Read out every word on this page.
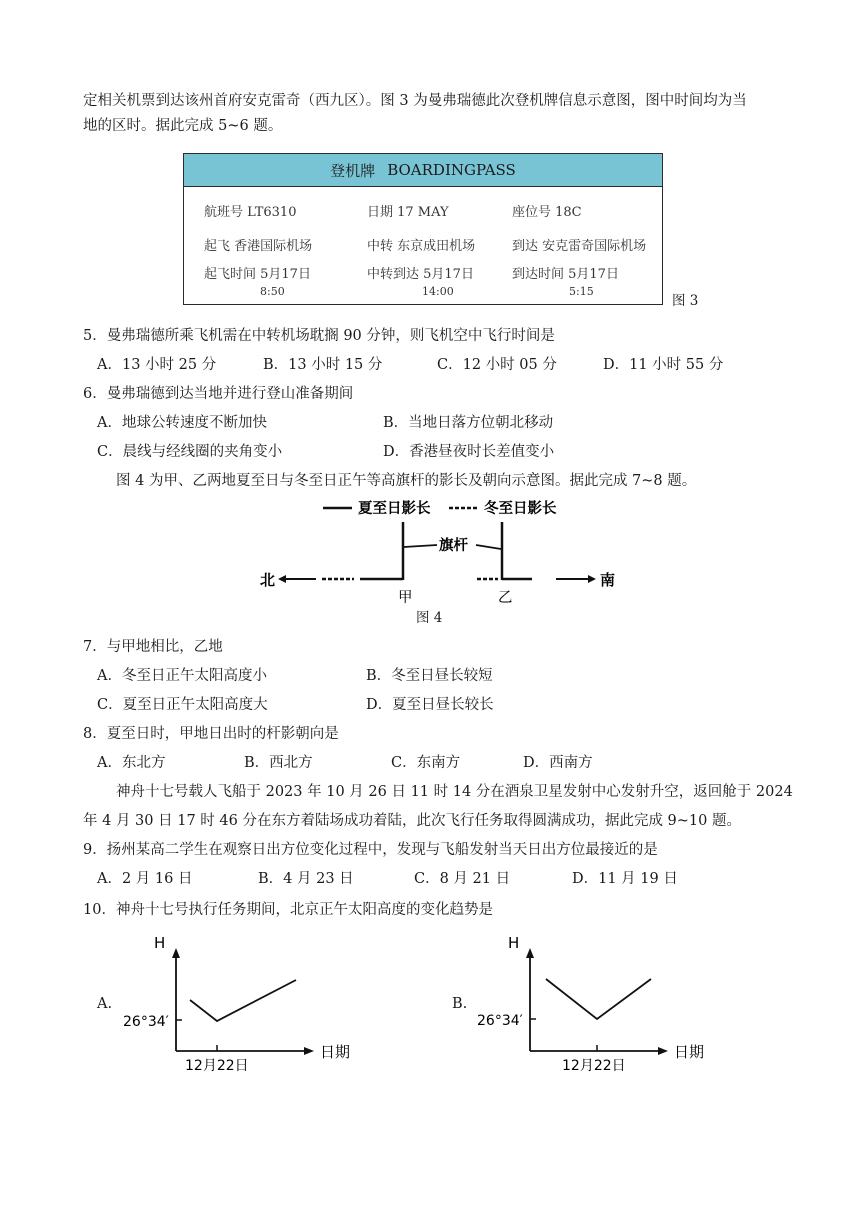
定相关机票到达该州首府安克雷奇（西九区）。图 3 为曼弗瑞德此次登机牌信息示意图，图中时间均为当
地的区时。据此完成 5~6 题。
登机牌 BOARDINGPASS
航班号 LT6310	日期 17 MAY	座位号 18C
起飞 香港国际机场	中转 东京成田机场	到达 安克雷奇国际机场
起飞时间 5月17日	中转到达 5月17日	到达时间 5月17日
8:50	14:00	5:15
图 3
5．曼弗瑞德所乘飞机需在中转机场耽搁 90 分钟，则飞机空中飞行时间是
A．13 小时 25 分	B．13 小时 15 分	C．12 小时 05 分	D．11 小时 55 分
6．曼弗瑞德到达当地并进行登山准备期间
A．地球公转速度不断加快	B．当地日落方位朝北移动
C．晨线与经线圈的夹角变小	D．香港昼夜时长差值变小
图 4 为甲、乙两地夏至日与冬至日正午等高旗杆的影长及朝向示意图。据此完成 7~8 题。
夏至日影长	冬至日影长
旗杆
北	南
甲	乙
图 4
7．与甲地相比，乙地
A．冬至日正午太阳高度小	B．冬至日昼长较短
C．夏至日正午太阳高度大	D．夏至日昼长较长
8．夏至日时，甲地日出时的杆影朝向是
A．东北方	B．西北方	C．东南方	D．西南方
神舟十七号载人飞船于 2023 年 10 月 26 日 11 时 14 分在酒泉卫星发射中心发射升空，返回舱于 2024
年 4 月 30 日 17 时 46 分在东方着陆场成功着陆，此次飞行任务取得圆满成功，据此完成 9~10 题。
9．扬州某高二学生在观察日出方位变化过程中，发现与飞船发射当天日出方位最接近的是
A．2 月 16 日	B．4 月 23 日	C．8 月 21 日	D．11 月 19 日
10．神舟十七号执行任务期间，北京正午太阳高度的变化趋势是
A.
H
日期
26°34′
12月22日
B.
H
日期
26°34′
12月22日
